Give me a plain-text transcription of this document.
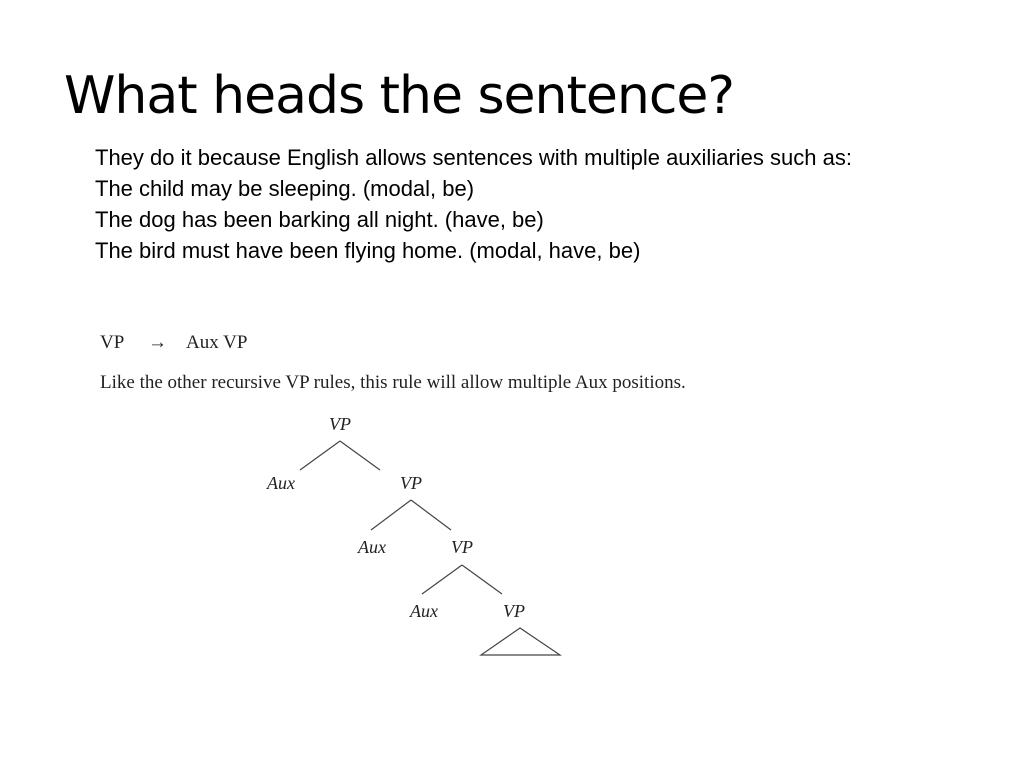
What heads the sentence?

They do it because English allows sentences with multiple auxiliaries such as:

The child may be sleeping. (modal, be)

The dog has been barking all night. (have, be)

The bird must have been flying home. (modal, have, be)

VP → Aux VP
Like the other recursive VP rules, this rule will allow multiple Aux positions.
VP
Aux	VP
Aux	VP
Aux	VP
